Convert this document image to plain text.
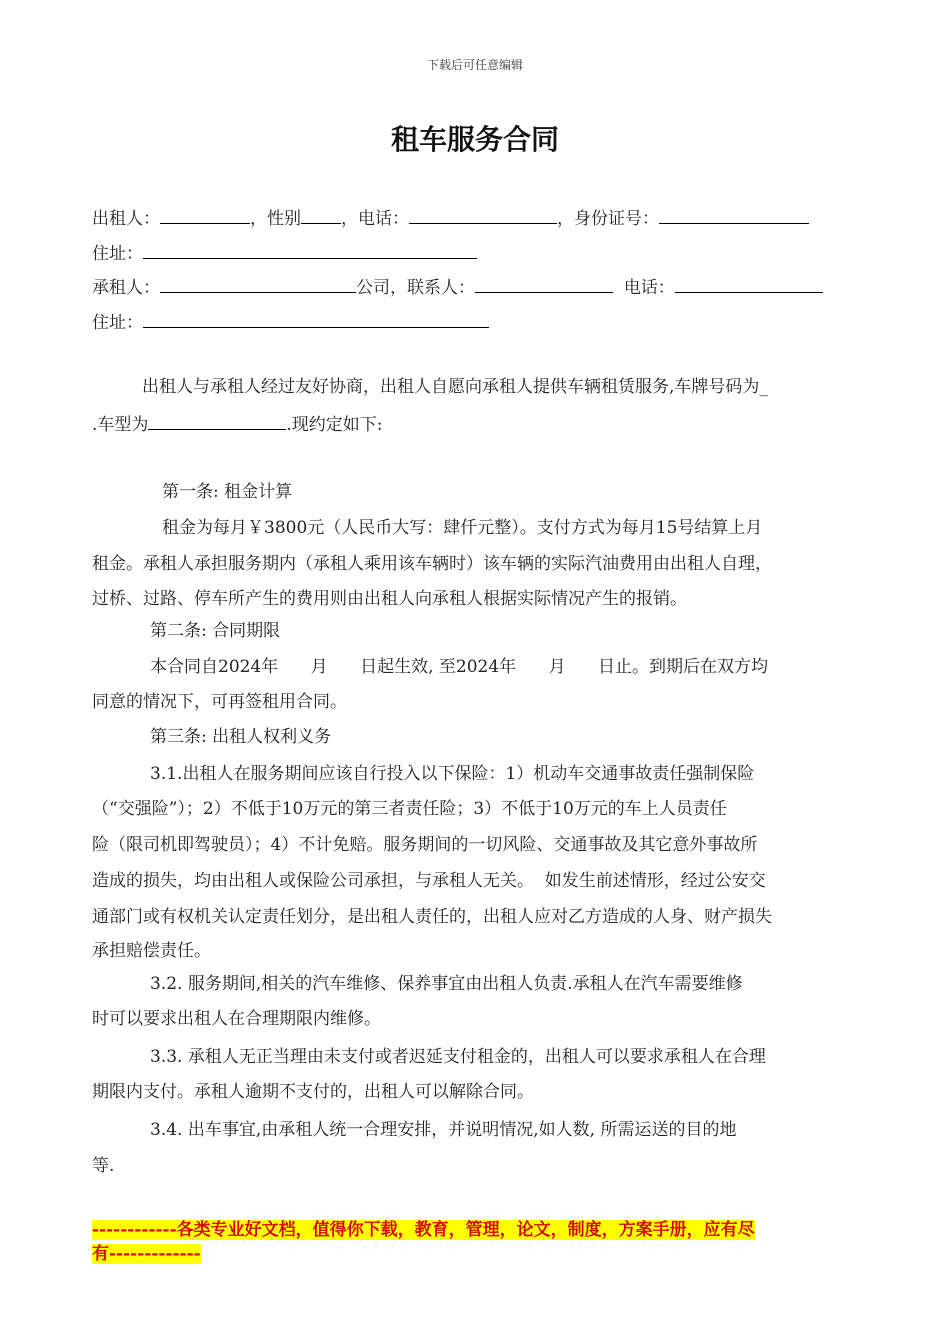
下载后可任意编辑
租车服务合同
出租人：	，性别 ，电话：	，身份证号：
住址：
承租人：	公司，联系人：	电话：
住址：
出租人与承租人经过友好协商，出租人自愿向承租人提供车辆租赁服务,车牌号码为_
.车型为	.现约定如下:
第一条: 租金计算
租金为每月￥3800元（人民币大写：肆仟元整）。支付方式为每月15号结算上月
租金。承租人承担服务期内（承租人乘用该车辆时）该车辆的实际汽油费用由出租人自理，
过桥、过路、停车所产生的费用则由出租人向承租人根据实际情况产生的报销。
第二条: 合同期限
本合同自2024年      月      日起生效, 至2024年      月      日止。到期后在双方均
同意的情况下，可再签租用合同。
第三条: 出租人权利义务
3.1.出租人在服务期间应该自行投入以下保险：1）机动车交通事故责任强制保险
（“交强险”）；2）不低于10万元的第三者责任险；3）不低于10万元的车上人员责任
险（限司机即驾驶员）；4）不计免赔。服务期间的一切风险、交通事故及其它意外事故所
造成的损失，均由出租人或保险公司承担，与承租人无关。  如发生前述情形，经过公安交
通部门或有权机关认定责任划分，是出租人责任的，出租人应对乙方造成的人身、财产损失
承担赔偿责任。
3.2. 服务期间,相关的汽车维修、保养事宜由出租人负责.承租人在汽车需要维修
时可以要求出租人在合理期限内维修。
3.3. 承租人无正当理由未支付或者迟延支付租金的，出租人可以要求承租人在合理
期限内支付。承租人逾期不支付的，出租人可以解除合同。
3.4. 出车事宜,由承租人统一合理安排，并说明情况,如人数, 所需运送的目的地
等.
------------各类专业好文档，值得你下载，教育，管理，论文，制度，方案手册，应有尽
有-------------
